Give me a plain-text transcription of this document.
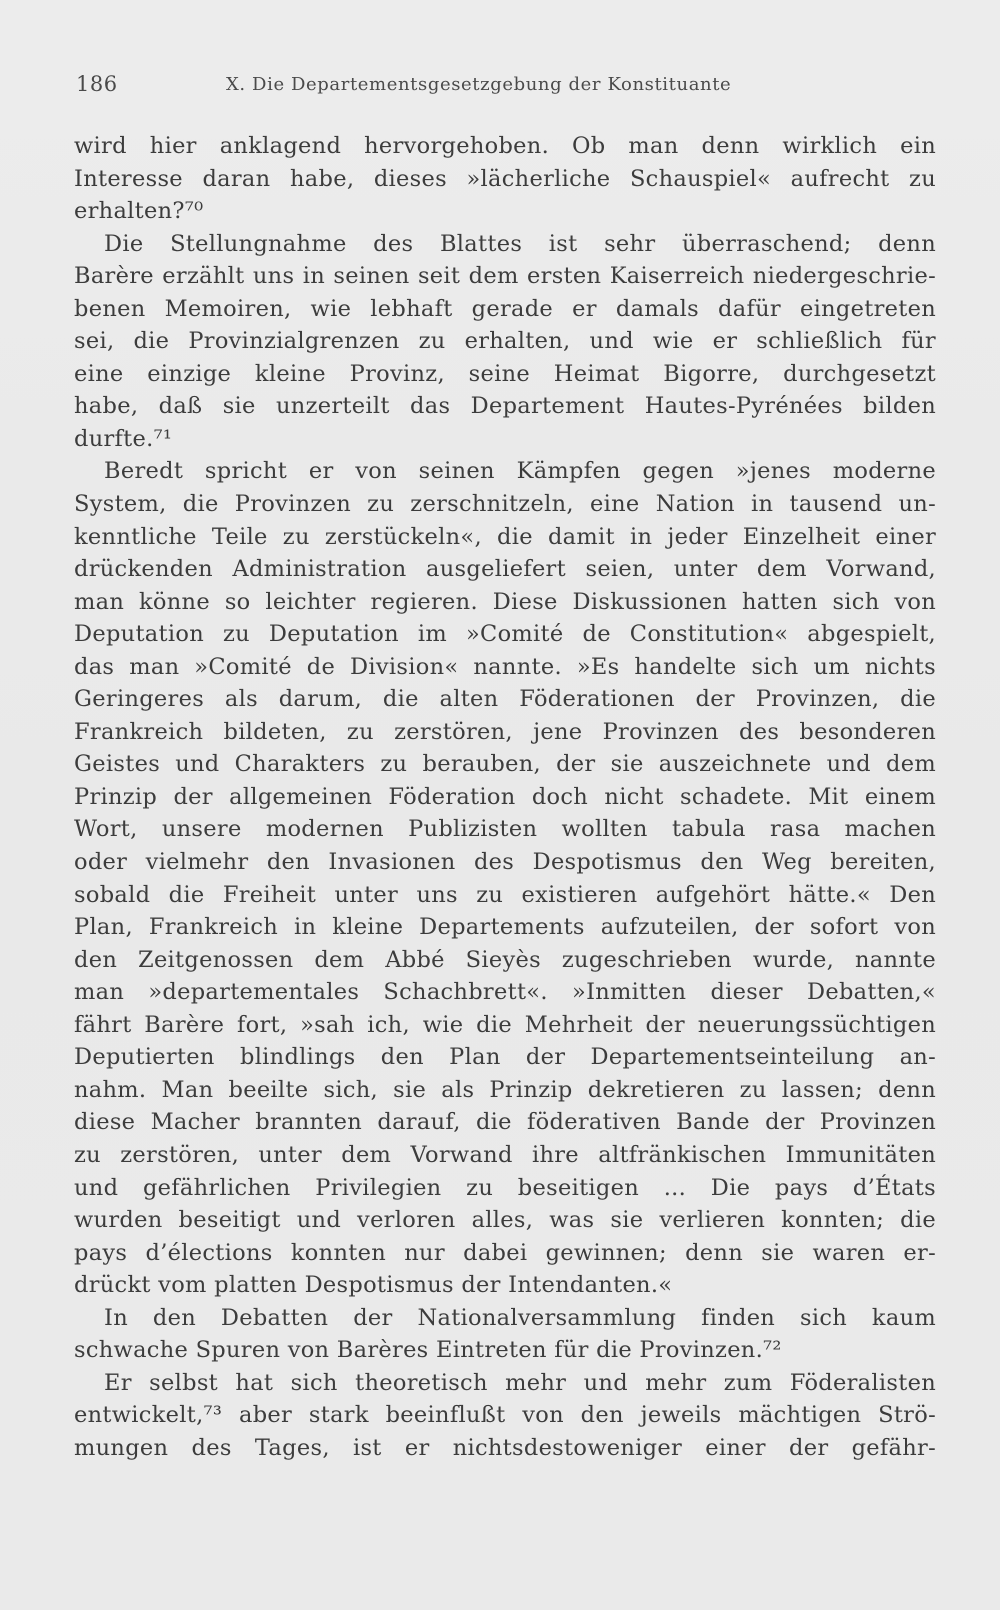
186	X. Die Departementsgesetzgebung der Konstituante
wird hier anklagend hervorgehoben. Ob man denn wirklich ein
Interesse daran habe, dieses »lächerliche Schauspiel« aufrecht zu
erhalten?⁷⁰
Die Stellungnahme des Blattes ist sehr überraschend; denn
Barère erzählt uns in seinen seit dem ersten Kaiserreich niedergeschrie-
benen Memoiren, wie lebhaft gerade er damals dafür eingetreten
sei, die Provinzialgrenzen zu erhalten, und wie er schließlich für
eine einzige kleine Provinz, seine Heimat Bigorre, durchgesetzt
habe, daß sie unzerteilt das Departement Hautes-Pyrénées bilden
durfte.⁷¹
Beredt spricht er von seinen Kämpfen gegen »jenes moderne
System, die Provinzen zu zerschnitzeln, eine Nation in tausend un-
kenntliche Teile zu zerstückeln«, die damit in jeder Einzelheit einer
drückenden Administration ausgeliefert seien, unter dem Vorwand,
man könne so leichter regieren. Diese Diskussionen hatten sich von
Deputation zu Deputation im »Comité de Constitution« abgespielt,
das man »Comité de Division« nannte. »Es handelte sich um nichts
Geringeres als darum, die alten Föderationen der Provinzen, die
Frankreich bildeten, zu zerstören, jene Provinzen des besonderen
Geistes und Charakters zu berauben, der sie auszeichnete und dem
Prinzip der allgemeinen Föderation doch nicht schadete. Mit einem
Wort, unsere modernen Publizisten wollten tabula rasa machen
oder vielmehr den Invasionen des Despotismus den Weg bereiten,
sobald die Freiheit unter uns zu existieren aufgehört hätte.« Den
Plan, Frankreich in kleine Departements aufzuteilen, der sofort von
den Zeitgenossen dem Abbé Sieyès zugeschrieben wurde, nannte
man »departementales Schachbrett«. »Inmitten dieser Debatten,«
fährt Barère fort, »sah ich, wie die Mehrheit der neuerungssüchtigen
Deputierten blindlings den Plan der Departementseinteilung an-
nahm. Man beeilte sich, sie als Prinzip dekretieren zu lassen; denn
diese Macher brannten darauf, die föderativen Bande der Provinzen
zu zerstören, unter dem Vorwand ihre altfränkischen Immunitäten
und gefährlichen Privilegien zu beseitigen ... Die pays d’États
wurden beseitigt und verloren alles, was sie verlieren konnten; die
pays d’élections konnten nur dabei gewinnen; denn sie waren er-
drückt vom platten Despotismus der Intendanten.«
In den Debatten der Nationalversammlung finden sich kaum
schwache Spuren von Barères Eintreten für die Provinzen.⁷²
Er selbst hat sich theoretisch mehr und mehr zum Föderalisten
entwickelt,⁷³ aber stark beeinflußt von den jeweils mächtigen Strö-
mungen des Tages, ist er nichtsdestoweniger einer der gefähr-
